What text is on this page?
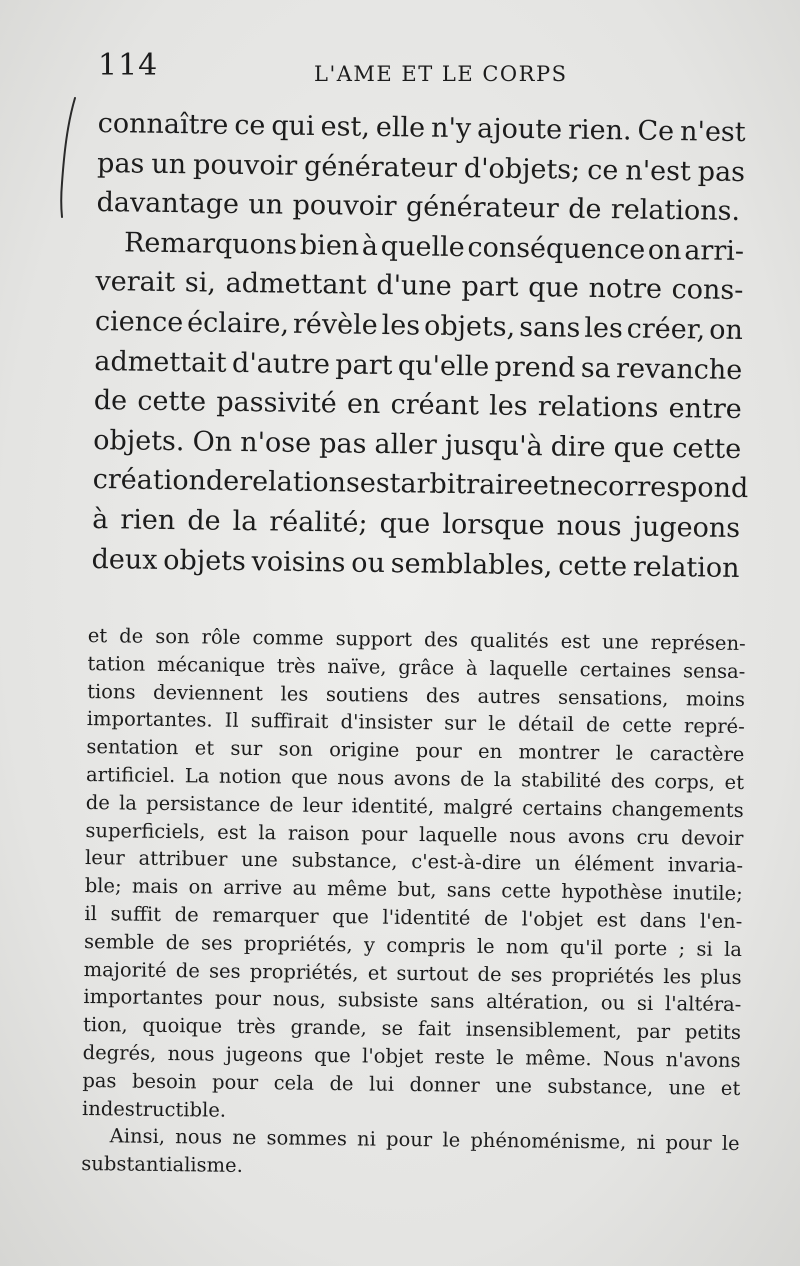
114	L'AME ET LE CORPS
connaître ce qui est, elle n'y ajoute rien. Ce n'est
pas un pouvoir générateur d'objets; ce n'est pas
davantage un pouvoir générateur de relations.
Remarquons bien à quelle conséquence on arri-
verait si, admettant d'une part que notre cons-
cience éclaire, révèle les objets, sans les créer, on
admettait d'autre part qu'elle prend sa revanche
de cette passivité en créant les relations entre
objets. On n'ose pas aller jusqu'à dire que cette
création de relations est arbitraire et ne correspond
à rien de la réalité; que lorsque nous jugeons
deux objets voisins ou semblables, cette relation
et de son rôle comme support des qualités est une représen-
tation mécanique très naïve, grâce à laquelle certaines sensa-
tions deviennent les soutiens des autres sensations, moins
importantes. Il suffirait d'insister sur le détail de cette repré-
sentation et sur son origine pour en montrer le caractère
artificiel. La notion que nous avons de la stabilité des corps, et
de la persistance de leur identité, malgré certains changements
superficiels, est la raison pour laquelle nous avons cru devoir
leur attribuer une substance, c'est-à-dire un élément invaria-
ble; mais on arrive au même but, sans cette hypothèse inutile;
il suffit de remarquer que l'identité de l'objet est dans l'en-
semble de ses propriétés, y compris le nom qu'il porte ; si la
majorité de ses propriétés, et surtout de ses propriétés les plus
importantes pour nous, subsiste sans altération, ou si l'altéra-
tion, quoique très grande, se fait insensiblement, par petits
degrés, nous jugeons que l'objet reste le même. Nous n'avons
pas besoin pour cela de lui donner une substance, une et
indestructible.
Ainsi, nous ne sommes ni pour le phénoménisme, ni pour le
substantialisme.
